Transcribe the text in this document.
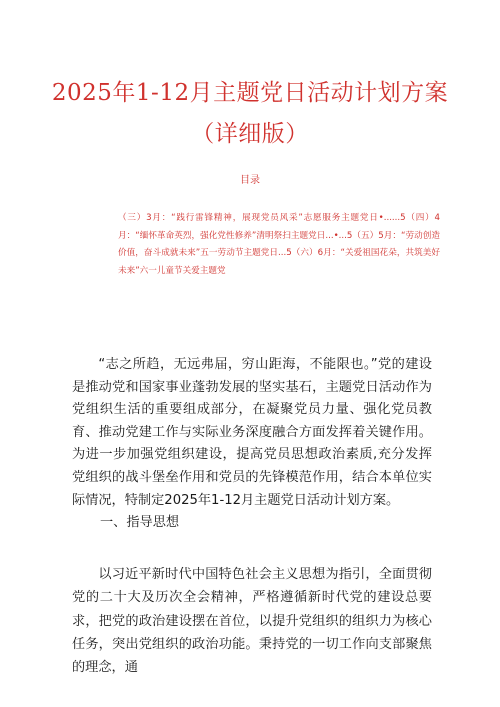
2025年1-12月主题党日活动计划方案
（详细版）
目录
（三）3月：“践行雷锋精神，展现党员风采”志愿服务主题党日•......5（四）4月：“缅怀革命英烈，强化党性修养”清明祭扫主题党日...•...5（五）5月：“劳动创造价值，奋斗成就未来”五一劳动节主题党日...5（六）6月：“关爱祖国花朵，共筑美好未来”六一儿童节关爱主题党

“志之所趋，无远弗届，穷山距海，不能限也。”党的建设是推动党和国家事业蓬勃发展的坚实基石，主题党日活动作为党组织生活的重要组成部分，在凝聚党员力量、强化党员教育、推动党建工作与实际业务深度融合方面发挥着关键作用。为进一步加强党组织建设，提高党员思想政治素质,充分发挥党组织的战斗堡垒作用和党员的先锋模范作用，结合本单位实际情况，特制定2025年1-12月主题党日活动计划方案。

一、指导思想

以习近平新时代中国特色社会主义思想为指引，全面贯彻党的二十大及历次全会精神，严格遵循新时代党的建设总要求，把党的政治建设摆在首位，以提升党组织的组织力为核心任务，突出党组织的政治功能。秉持党的一切工作向支部聚焦的理念，通
